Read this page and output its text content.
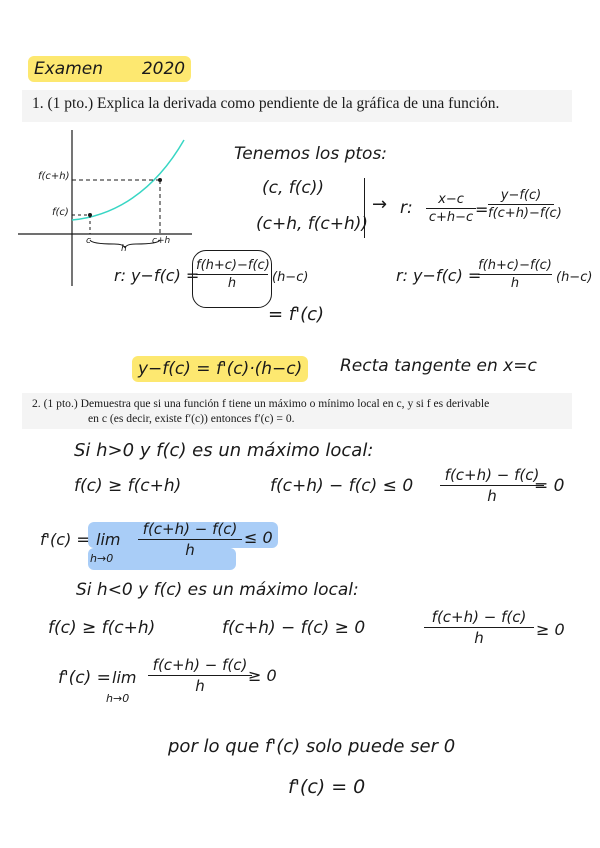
Examen 2020
1. (1 pto.) Explica la derivada como pendiente de la gráfica de una función.
f(c+h)
f(c)
c
h
c+h
Tenemos los ptos:
(c, f(c))
(c+h, f(c+h))
→ r:	x−c
c+h−c =
y−f(c)
f(c+h)−f(c)
r: y−f(c) =
f(h+c)−f(c)
h	(h−c)
= f'(c)
r: y−f(c) =
f(h+c)−f(c)
h	(h−c)
y−f(c) = f'(c)·(h−c)	Recta tangente en x=c
2. (1 pto.) Demuestra que si una función f tiene un máximo o mínimo local en c, y si f es derivable
en c (es decir, existe f′(c)) entonces f′(c) = 0.
Si h>0 y f(c) es un máximo local:
f(c) ≥ f(c+h)	f(c+h) − f(c) ≤ 0
f(c+h) − f(c)
h	= 0
f'(c) = lim
h→0
f(c+h) − f(c)
h
≤ 0
Si h<0 y f(c) es un máximo local:
f(c) ≥ f(c+h)	f(c+h) − f(c) ≥ 0
f(c+h) − f(c)
h	≥ 0
f'(c) = lim
h→0
f(c+h) − f(c)
h
≥ 0
por lo que f'(c) solo puede ser 0
f'(c) = 0
